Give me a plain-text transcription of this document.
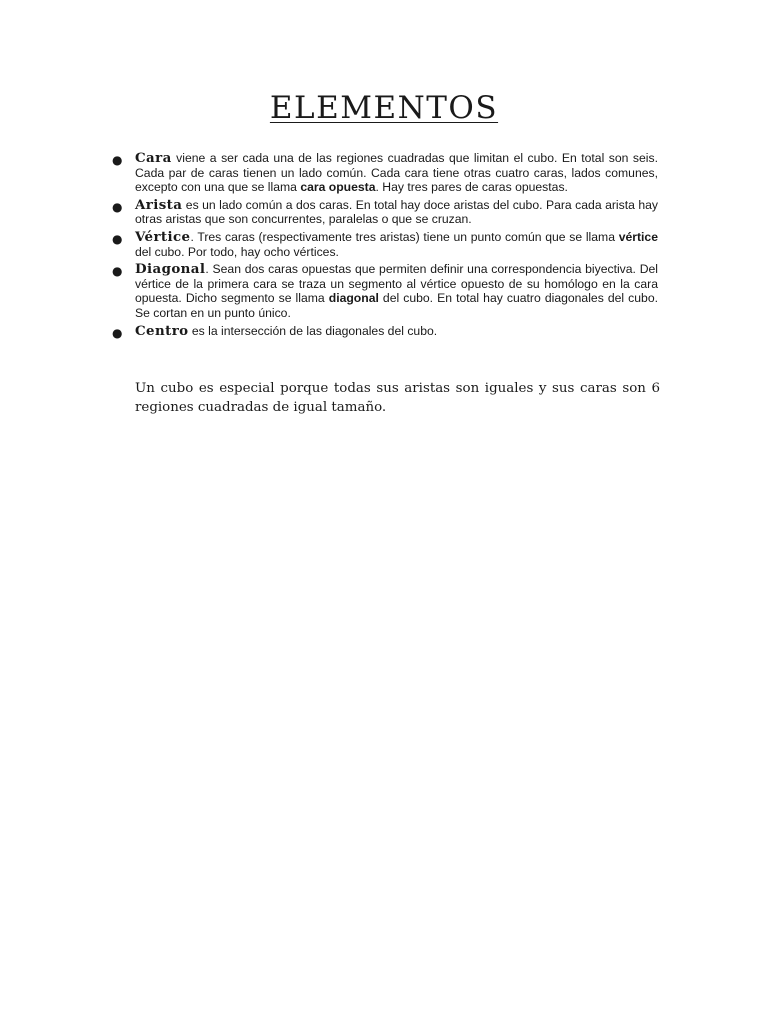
ELEMENTOS
● Cara viene a ser cada una de las regiones cuadradas que limitan el cubo. En total son seis. Cada par de caras tienen un lado común. Cada cara tiene otras cuatro caras, lados comunes, excepto con una que se llama cara opuesta. Hay tres pares de caras opuestas.
● Arista es un lado común a dos caras. En total hay doce aristas del cubo. Para cada arista hay otras aristas que son concurrentes, paralelas o que se cruzan.
● Vértice. Tres caras (respectivamente tres aristas) tiene un punto común que se llama vértice del cubo. Por todo, hay ocho vértices.
● Diagonal. Sean dos caras opuestas que permiten definir una correspondencia biyectiva. Del vértice de la primera cara se traza un segmento al vértice opuesto de su homólogo en la cara opuesta. Dicho segmento se llama diagonal del cubo. En total hay cuatro diagonales del cubo. Se cortan en un punto único.
● Centro es la intersección de las diagonales del cubo.

Un cubo es especial porque todas sus aristas son iguales y sus caras son 6 regiones cuadradas de igual tamaño.
